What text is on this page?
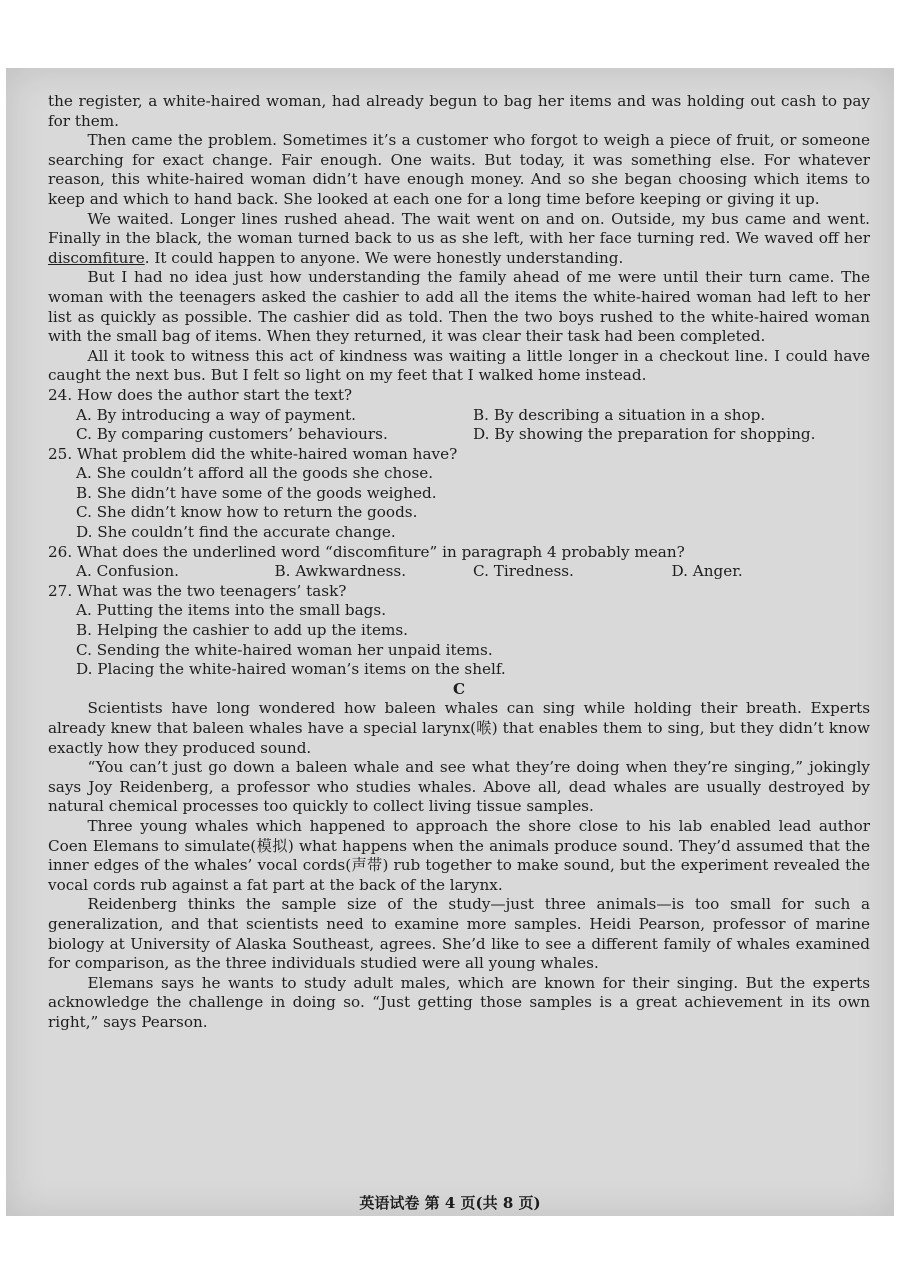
the register, a white-haired woman, had already begun to bag her items and was holding out cash to pay for them.

Then came the problem. Sometimes it’s a customer who forgot to weigh a piece of fruit, or someone searching for exact change. Fair enough. One waits. But today, it was something else. For whatever reason, this white-haired woman didn’t have enough money. And so she began choosing which items to keep and which to hand back. She looked at each one for a long time before keeping or giving it up.

We waited. Longer lines rushed ahead. The wait went on and on. Outside, my bus came and went. Finally in the black, the woman turned back to us as she left, with her face turning red. We waved off her discomfiture. It could happen to anyone. We were honestly understanding.

But I had no idea just how understanding the family ahead of me were until their turn came. The woman with the teenagers asked the cashier to add all the items the white-haired woman had left to her list as quickly as possible. The cashier did as told. Then the two boys rushed to the white-haired woman with the small bag of items. When they returned, it was clear their task had been completed.

All it took to witness this act of kindness was waiting a little longer in a checkout line. I could have caught the next bus. But I felt so light on my feet that I walked home instead.

24. How does the author start the text?

A. By introducing a way of payment.	B. By describing a situation in a shop.

C. By comparing customers’ behaviours.	D. By showing the preparation for shopping.

25. What problem did the white-haired woman have?

A. She couldn’t afford all the goods she chose.

B. She didn’t have some of the goods weighed.

C. She didn’t know how to return the goods.

D. She couldn’t find the accurate change.

26. What does the underlined word “discomfiture” in paragraph 4 probably mean?

A. Confusion.	B. Awkwardness.	C. Tiredness.	D. Anger.

27. What was the two teenagers’ task?

A. Putting the items into the small bags.

B. Helping the cashier to add up the items.

C. Sending the white-haired woman her unpaid items.

D. Placing the white-haired woman’s items on the shelf.

C

Scientists have long wondered how baleen whales can sing while holding their breath. Experts already knew that baleen whales have a special larynx(喉) that enables them to sing, but they didn’t know exactly how they produced sound.

“You can’t just go down a baleen whale and see what they’re doing when they’re singing,” jokingly says Joy Reidenberg, a professor who studies whales. Above all, dead whales are usually destroyed by natural chemical processes too quickly to collect living tissue samples.

Three young whales which happened to approach the shore close to his lab enabled lead author Coen Elemans to simulate(模拟) what happens when the animals produce sound. They’d assumed that the inner edges of the whales’ vocal cords(声带) rub together to make sound, but the experiment revealed the vocal cords rub against a fat part at the back of the larynx.

Reidenberg thinks the sample size of the study—just three animals—is too small for such a generalization, and that scientists need to examine more samples. Heidi Pearson, professor of marine biology at University of Alaska Southeast, agrees. She’d like to see a different family of whales examined for comparison, as the three individuals studied were all young whales.

Elemans says he wants to study adult males, which are known for their singing. But the experts acknowledge the challenge in doing so. “Just getting those samples is a great achievement in its own right,” says Pearson.

英语试卷 第 4 页(共 8 页)
